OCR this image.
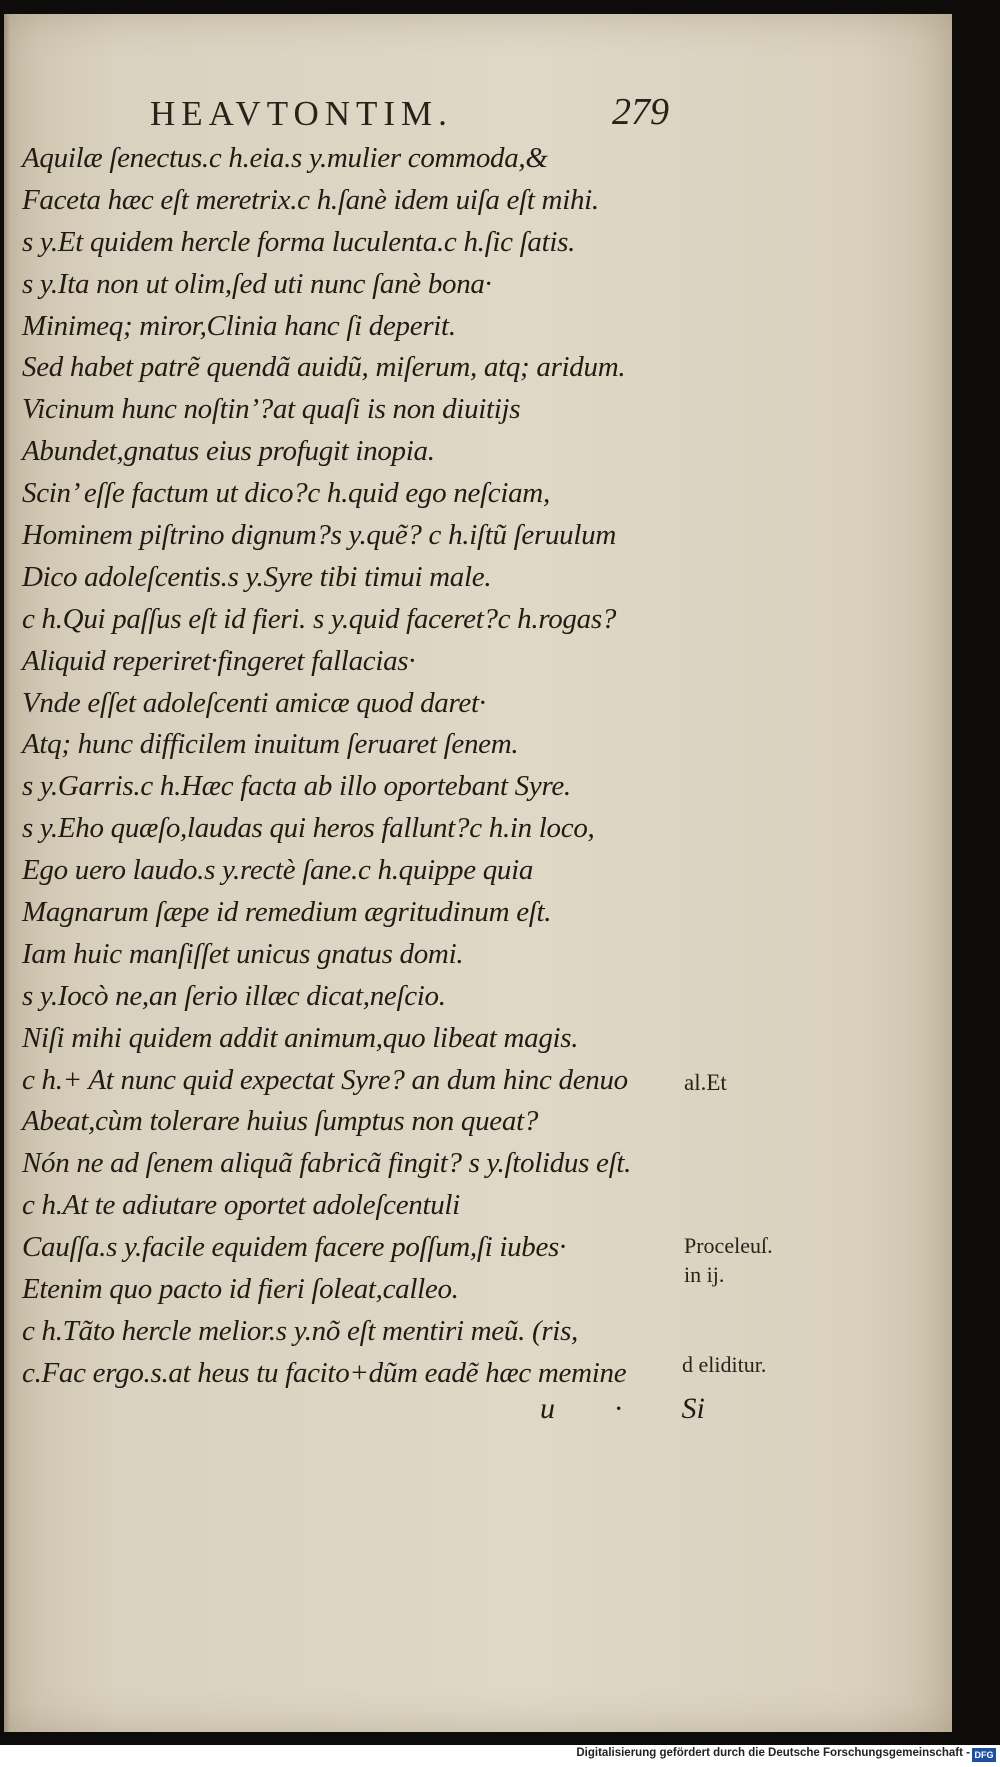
HEAVTONTIM.	279
Aquilæ ſenectus.c h.eia.s y.mulier commoda,&
Faceta hæc eſt meretrix.c h.ſanè idem uiſa eſt mihi.
s y.Et quidem hercle forma luculenta.c h.ſic ſatis.
s y.Ita non ut olim,ſed uti nunc ſanè bona·
Minimeq; miror,Clinia hanc ſi deperit.
Sed habet patrẽ quendã auidũ, miſerum, atq; aridum.
Vicinum hunc noſtin’?at quaſi is non diuitijs
Abundet,gnatus eius profugit inopia.
Scin’ eſſe factum ut dico?c h.quid ego neſciam,
Hominem piſtrino dignum?s y.quẽ? c h.iſtũ ſeruulum
Dico adoleſcentis.s y.Syre tibi timui male.
c h.Qui paſſus eſt id fieri. s y.quid faceret?c h.rogas?
Aliquid reperiret·fingeret fallacias·
Vnde eſſet adoleſcenti amicæ quod daret·
Atq; hunc difficilem inuitum ſeruaret ſenem.
s y.Garris.c h.Hæc facta ab illo oportebant Syre.
s y.Eho quæſo,laudas qui heros fallunt?c h.in loco,
Ego uero laudo.s y.rectè ſane.c h.quippe quia
Magnarum ſæpe id remedium ægritudinum eſt.
Iam huic manſiſſet unicus gnatus domi.
s y.Iocò ne,an ſerio illæc dicat,neſcio.
Niſi mihi quidem addit animum,quo libeat magis.
c h.+ At nunc quid expectat Syre? an dum hinc denuo
Abeat,cùm tolerare huius ſumptus non queat?
Nón ne ad ſenem aliquã fabricã fingit? s y.ſtolidus eſt.
c h.At te adiutare oportet adoleſcentuli
Cauſſa.s y.facile equidem facere poſſum,ſi iubes·
Etenim quo pacto id fieri ſoleat,calleo.
c h.Tãto hercle melior.s y.nõ eſt mentiri meũ. (ris,
c.Fac ergo.s.at heus tu facito+dũm eadẽ hæc memine
al.Et
Proceleuſ.
in ij.
d eliditur.
u · Si
Digitalisierung gefördert durch die Deutsche Forschungsgemeinschaft - DFG
